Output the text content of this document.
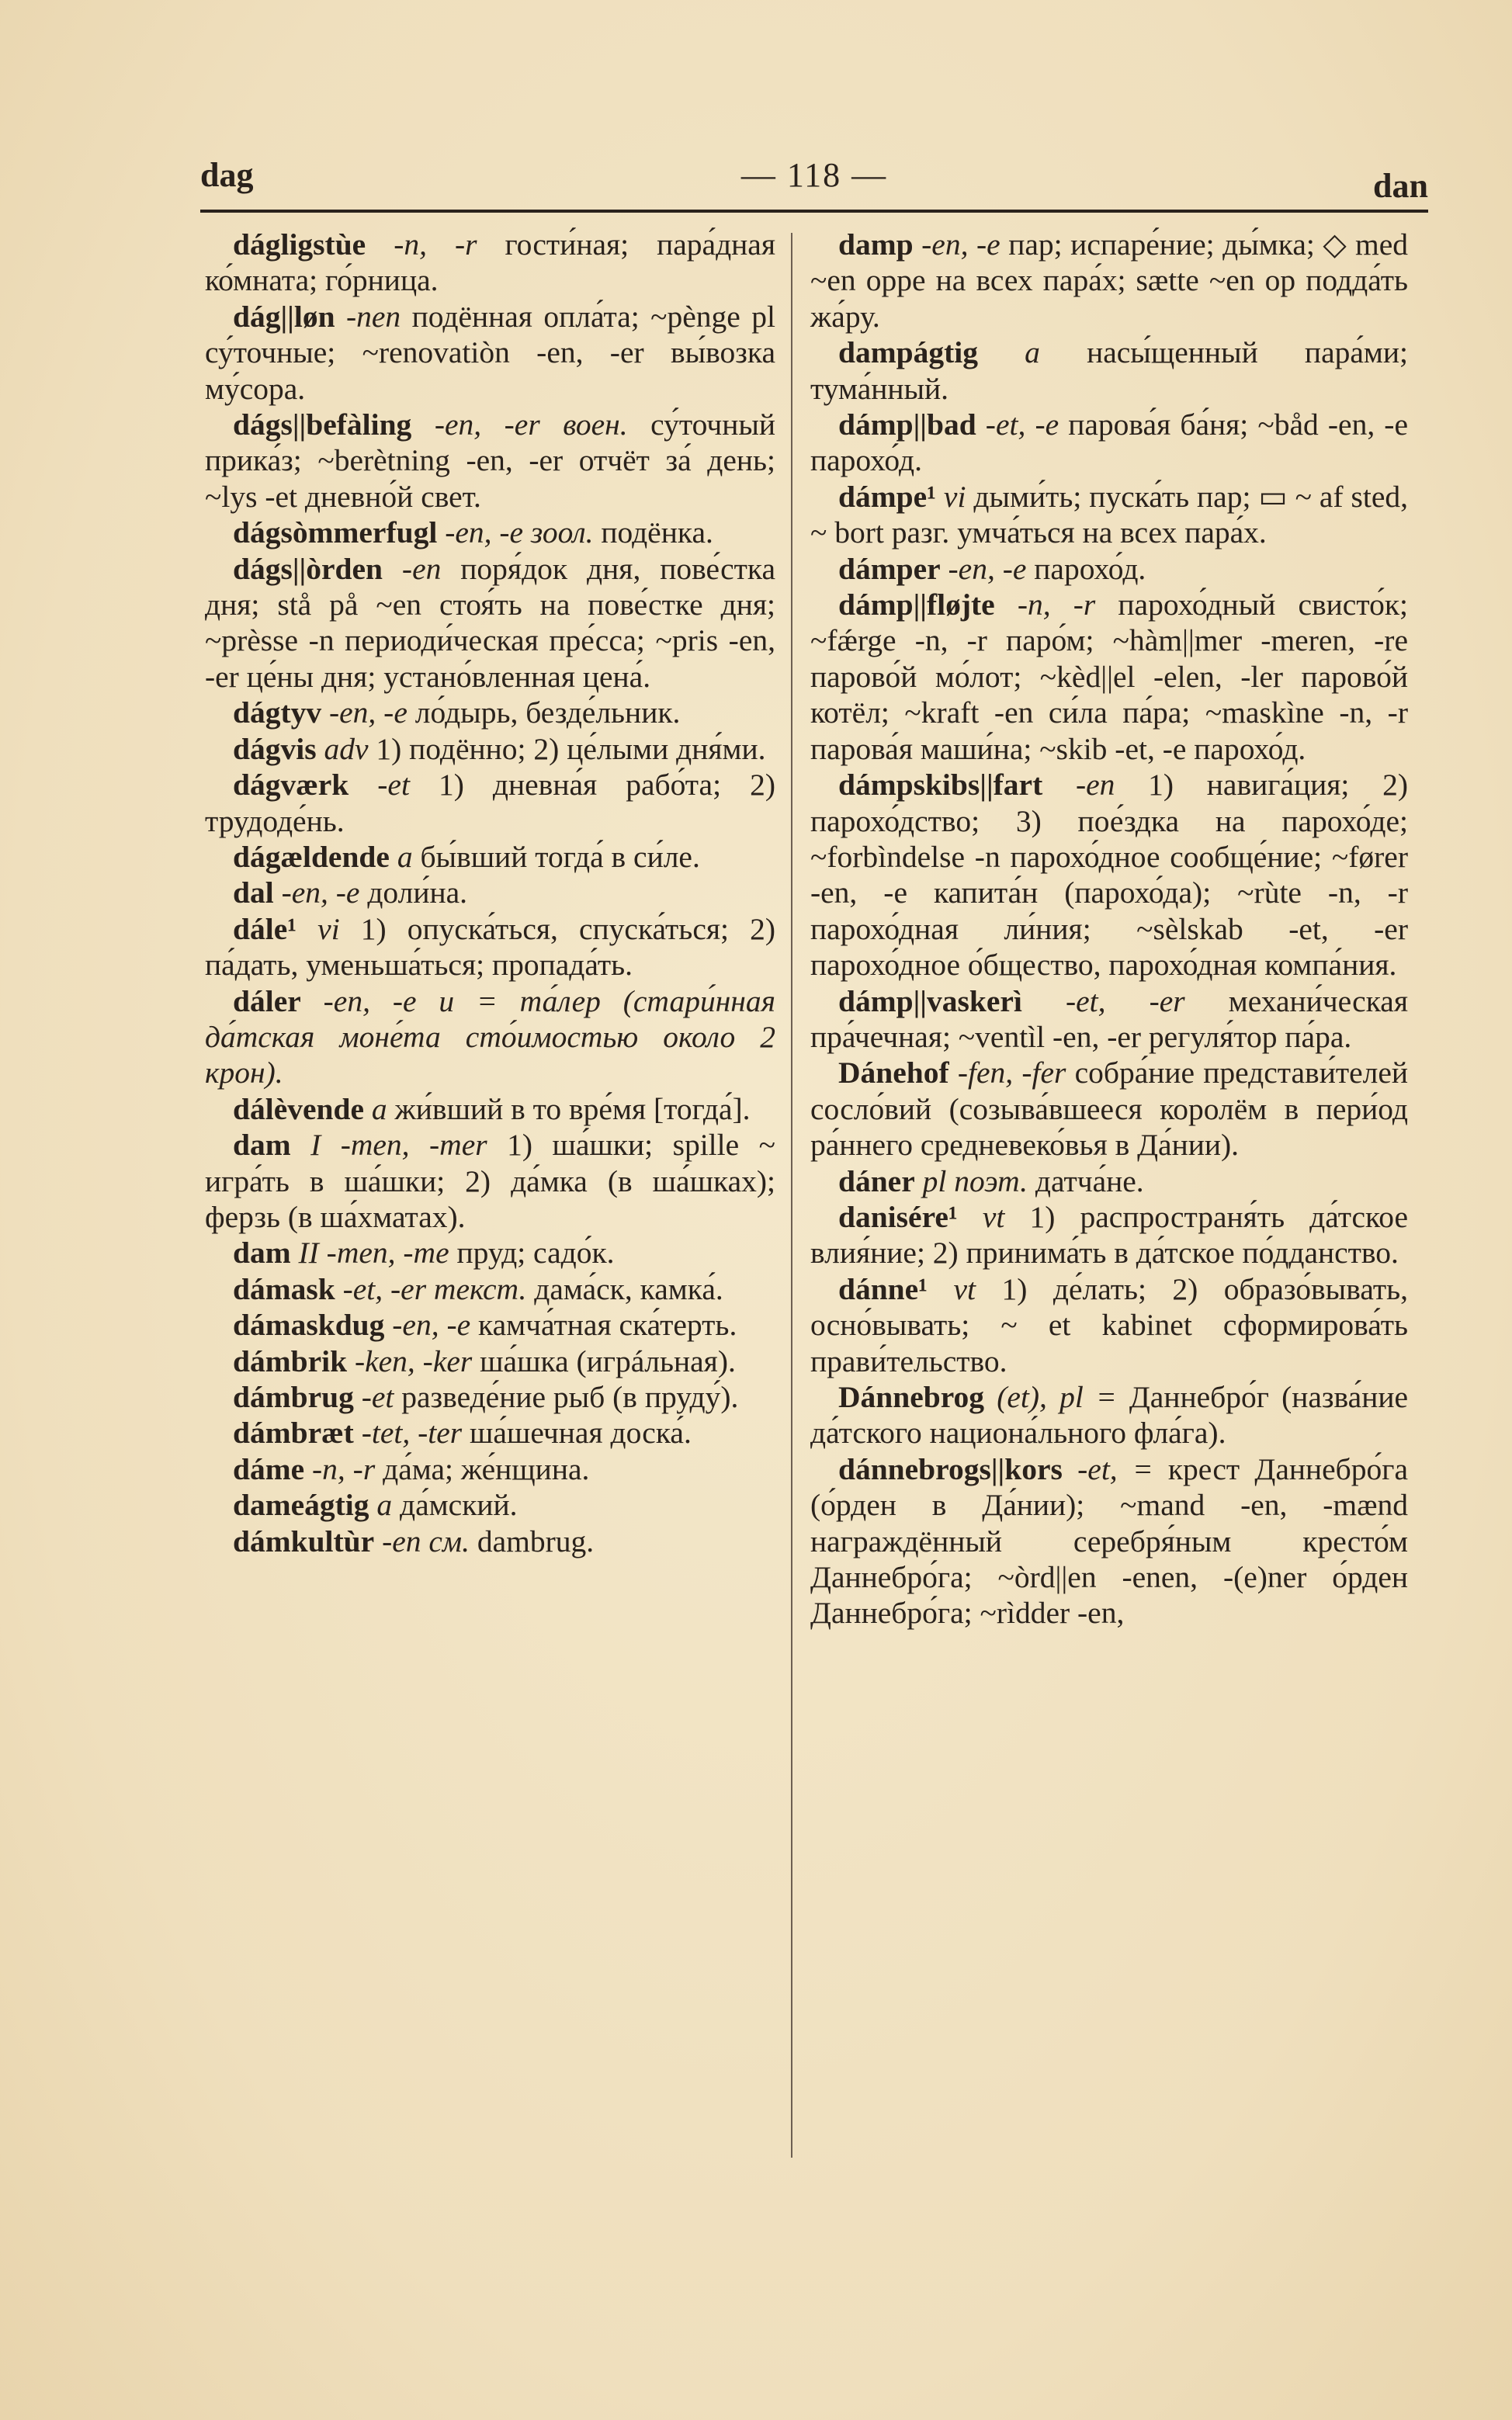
dag	— 118 —	dan

dágligstùe -n, -r гости́ная; пара́дная ко́мната; го́рница.

dág||løn -nen подённая опла́та; ~pènge pl су́точные; ~renovatiòn -en, -er вы́возка му́сора.

dágs||befàling -en, -er воен. су́точный прика́з; ~berètning -en, -er отчёт за́ день; ~lys -et дневно́й свет.

dágsòmmerfugl -en, -e зоол. подёнка.

dágs||òrden -en поря́док дня, пове́стка дня; stå på ~en стоя́ть на пове́стке дня; ~prèsse -n периоди́ческая пре́сса; ~pris -en, -er це́ны дня; устано́вленная цена́.

dágtyv -en, -e ло́дырь, безде́льник.

dágvis adv 1) подённо; 2) це́лыми дня́ми.

dágværk -et 1) дневна́я рабо́та; 2) трудоде́нь.

dágældende a бы́вший тогда́ в си́ле.

dal -en, -e доли́на.

dále¹ vi 1) опуска́ться, спуска́ться; 2) па́дать, уменьша́ться; пропада́ть.

dáler -en, -e u = та́лер (стари́нная да́тская моне́та сто́имостью около 2 крон).

dálèvende a жи́вший в то вре́мя [тогда́].

dam I -men, -mer 1) ша́шки; spille ~ игра́ть в ша́шки; 2) да́мка (в ша́шках); ферзь (в ша́хматах).

dam II -men, -me пруд; садо́к.

dámask -et, -er текст. дама́ск, камка́.

dámaskdug -en, -e камча́тная ска́терть.

dámbrik -ken, -ker ша́шка (игрáльная).

dámbrug -et разведе́ние рыб (в пруду́).

dámbræt -tet, -ter ша́шечная доска́.

dáme -n, -r да́ма; же́нщина.

dameágtig a да́мский.

dámkultùr -en см. dambrug.

damp -en, -e пар; испаре́ние; ды́мка; ◇ med ~en oppe на всех пара́х; sætte ~en op подда́ть жа́ру.

dampágtig a насы́щенный пара́ми; тума́нный.

dámp||bad -et, -e парова́я ба́ня; ~båd -en, -e парохо́д.

dámpe¹ vi дыми́ть; пуска́ть пар; ▭ ~ af sted, ~ bort разг. умча́ться на всех пара́х.

dámper -en, -e парохо́д.

dámp||fløjte -n, -r парохо́дный свисто́к; ~fǽrge -n, -r паро́м; ~hàm||mer -meren, -re парово́й мо́лот; ~kèd||el -elen, -ler парово́й котёл; ~kraft -en си́ла па́ра; ~maskìne -n, -r парова́я маши́на; ~skib -et, -e парохо́д.

dámpskibs||fart -en 1) навига́ция; 2) парохо́дство; 3) пое́здка на парохо́де; ~forbìndelse -n парохо́дное сообще́ние; ~fører -en, -e капита́н (парохо́да); ~rùte -n, -r парохо́дная ли́ния; ~sèlskab -et, -er парохо́дное о́бщество, парохо́дная компа́ния.

dámp||vaskerì -et, -er механи́ческая пра́чечная; ~ventìl -en, -er регуля́тор па́ра.

Dánehof -fen, -fer собра́ние представи́телей сосло́вий (созыва́вшееся королём в пери́од ра́ннего средневеко́вья в Да́нии).

dáner pl поэт. датча́не.

danisére¹ vt 1) распространя́ть да́тское влия́ние; 2) принима́ть в да́тское по́дданство.

dánne¹ vt 1) де́лать; 2) образо́вывать, осно́вывать; ~ et kabinet сформирова́ть прави́тельство.

Dánnebrog (et), pl = Даннебро́г (назва́ние да́тского национа́льного фла́га).

dánnebrogs||kors -et, = крест Даннебро́га (о́рден в Да́нии); ~mand -en, -mænd награждённый серебря́ным кресто́м Даннебро́га; ~òrd||en -enen, -(e)ner о́рден Даннебро́га; ~rìdder -en,
